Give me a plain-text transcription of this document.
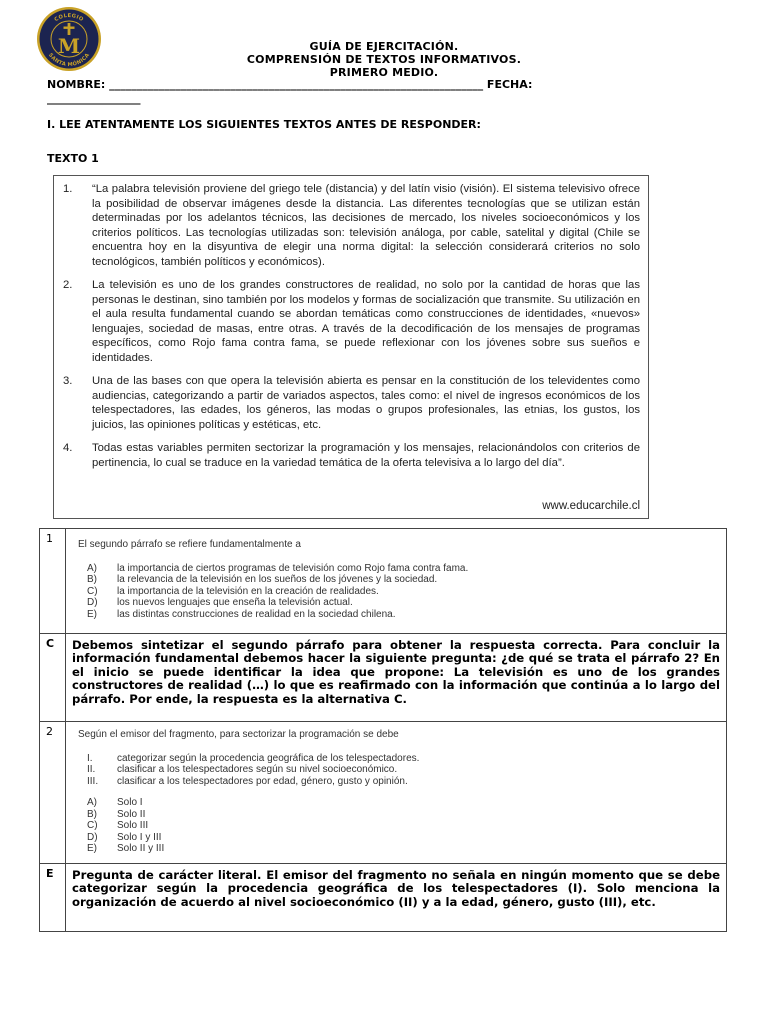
M
COLEGIO
SANTA MÓNICA
GUÍA DE EJERCITACIÓN.
COMPRENSIÓN DE TEXTOS INFORMATIVOS.
PRIMERO MEDIO.
NOMBRE: ____________________________________________________________________ FECHA:
_________________
I. LEE ATENTAMENTE LOS SIGUIENTES TEXTOS ANTES DE RESPONDER:
TEXTO 1
1.	“La palabra televisión proviene del griego tele (distancia) y del latín visio (visión). El sistema televisivo ofrece la posibilidad de observar imágenes desde la distancia. Las diferentes tecnologías que se utilizan están determinadas por los adelantos técnicos, las decisiones de mercado, los niveles socioeconómicos y los criterios políticos. Las tecnologías utilizadas son: televisión análoga, por cable, satelital y digital (Chile se encuentra hoy en la disyuntiva de elegir una norma digital: la selección considerará criterios no solo tecnológicos, también políticos y económicos).
2.	La televisión es uno de los grandes constructores de realidad, no solo por la cantidad de horas que las personas le destinan, sino también por los modelos y formas de socialización que transmite. Su utilización en el aula resulta fundamental cuando se abordan temáticas como construcciones de identidades, «nuevos» lenguajes, sociedad de masas, entre otras. A través de la decodificación de los mensajes de programas específicos, como Rojo fama contra fama, se puede reflexionar con los jóvenes sobre sus sueños e identidades.
3.	Una de las bases con que opera la televisión abierta es pensar en la constitución de los televidentes como audiencias, categorizando a partir de variados aspectos, tales como: el nivel de ingresos económicos de los telespectadores, las edades, los géneros, las modas o grupos profesionales, las etnias, los gustos, los juicios, las opiniones políticas y estéticas, etc.
4.	Todas estas variables permiten sectorizar la programación y los mensajes, relacionándolos con criterios de pertinencia, lo cual se traduce en la variedad temática de la oferta televisiva a lo largo del día”.
www.educarchile.cl
1	El segundo párrafo se refiere fundamentalmente a
A)	la importancia de ciertos programas de televisión como Rojo fama contra fama.
B)	la relevancia de la televisión en los sueños de los jóvenes y la sociedad.
C)	la importancia de la televisión en la creación de realidades.
D)	los nuevos lenguajes que enseña la televisión actual.
E)	las distintas construcciones de realidad en la sociedad chilena.
C	Debemos sintetizar el segundo párrafo para obtener la respuesta correcta. Para concluir la información fundamental debemos hacer la siguiente pregunta: ¿de qué se trata el párrafo 2? En el inicio se puede identificar la idea que propone: La televisión es uno de los grandes constructores de realidad (…) lo que es reafirmado con la información que continúa a lo largo del párrafo. Por ende, la respuesta es la alternativa C.
2	Según el emisor del fragmento, para sectorizar la programación se debe
I.	categorizar según la procedencia geográfica de los telespectadores.
II.	clasificar a los telespectadores según su nivel socioeconómico.
III.	clasificar a los telespectadores por edad, género, gusto y opinión.
A)	Solo I
B)	Solo II
C)	Solo III
D)	Solo I y III
E)	Solo II y III
E	Pregunta de carácter literal. El emisor del fragmento no señala en ningún momento que se debe categorizar según la procedencia geográfica de los telespectadores (I). Solo menciona la organización de acuerdo al nivel socioeconómico (II) y a la edad, género, gusto (III), etc.
